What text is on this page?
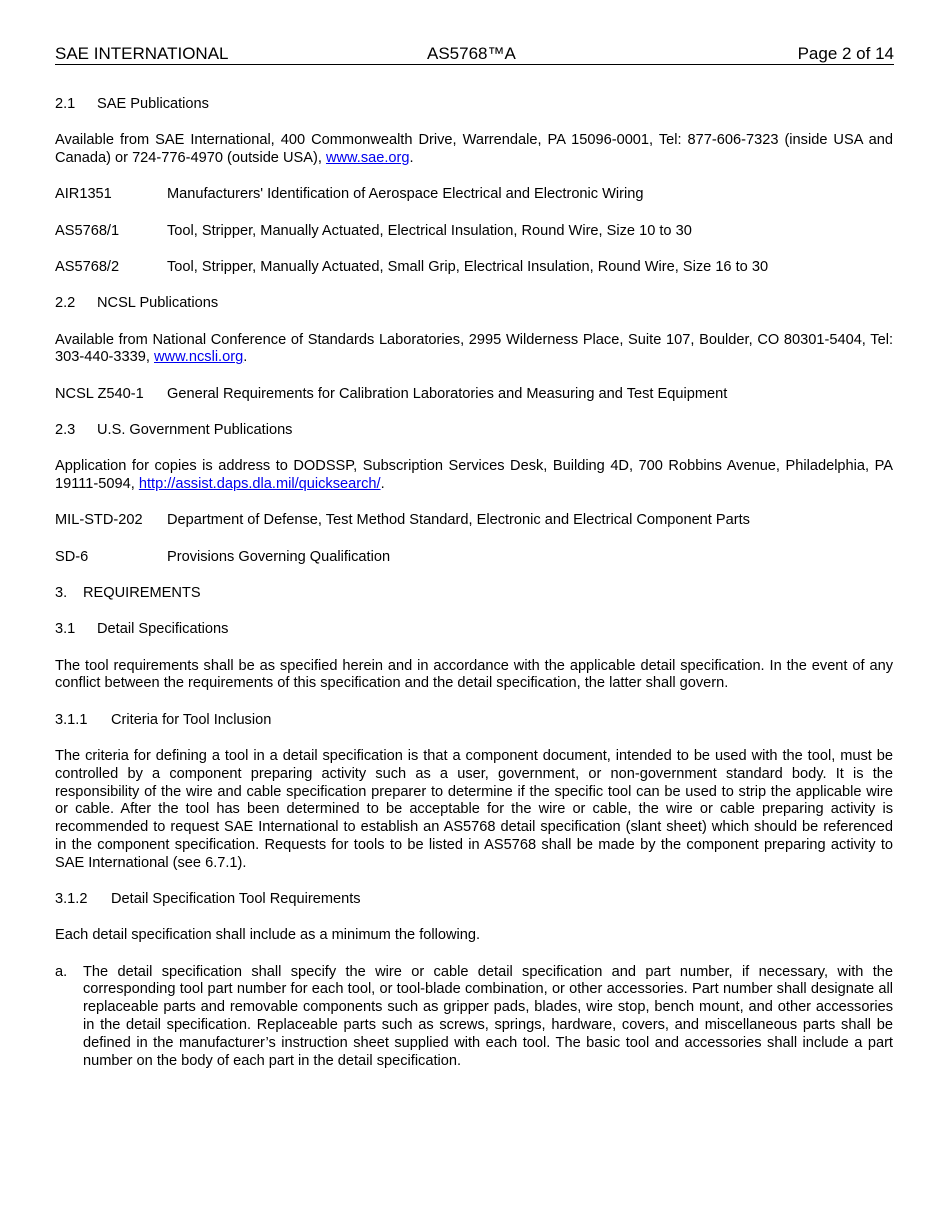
SAE INTERNATIONAL	AS5768™A	Page 2 of 14
2.1 SAE Publications
Available from SAE International, 400 Commonwealth Drive, Warrendale, PA 15096-0001, Tel: 877-606-7323 (inside USA and Canada) or 724-776-4970 (outside USA), www.sae.org.
AIR1351	Manufacturers' Identification of Aerospace Electrical and Electronic Wiring
AS5768/1	Tool, Stripper, Manually Actuated, Electrical Insulation, Round Wire, Size 10 to 30
AS5768/2	Tool, Stripper, Manually Actuated, Small Grip, Electrical Insulation, Round Wire, Size 16 to 30
2.2 NCSL Publications
Available from National Conference of Standards Laboratories, 2995 Wilderness Place, Suite 107, Boulder, CO 80301-5404, Tel: 303-440-3339, www.ncsli.org.
NCSL Z540-1	General Requirements for Calibration Laboratories and Measuring and Test Equipment
2.3 U.S. Government Publications
Application for copies is address to DODSSP, Subscription Services Desk, Building 4D, 700 Robbins Avenue, Philadelphia, PA 19111-5094, http://assist.daps.dla.mil/quicksearch/.
MIL-STD-202	Department of Defense, Test Method Standard, Electronic and Electrical Component Parts
SD-6	Provisions Governing Qualification
3. REQUIREMENTS
3.1 Detail Specifications
The tool requirements shall be as specified herein and in accordance with the applicable detail specification. In the event of any conflict between the requirements of this specification and the detail specification, the latter shall govern.
3.1.1 Criteria for Tool Inclusion
The criteria for defining a tool in a detail specification is that a component document, intended to be used with the tool, must be controlled by a component preparing activity such as a user, government, or non-government standard body. It is the responsibility of the wire and cable specification preparer to determine if the specific tool can be used to strip the applicable wire or cable. After the tool has been determined to be acceptable for the wire or cable, the wire or cable preparing activity is recommended to request SAE International to establish an AS5768 detail specification (slant sheet) which should be referenced in the component specification. Requests for tools to be listed in AS5768 shall be made by the component preparing activity to SAE International (see 6.7.1).
3.1.2 Detail Specification Tool Requirements
Each detail specification shall include as a minimum the following.
a.	The detail specification shall specify the wire or cable detail specification and part number, if necessary, with the corresponding tool part number for each tool, or tool-blade combination, or other accessories. Part number shall designate all replaceable parts and removable components such as gripper pads, blades, wire stop, bench mount, and other accessories in the detail specification. Replaceable parts such as screws, springs, hardware, covers, and miscellaneous parts shall be defined in the manufacturer’s instruction sheet supplied with each tool. The basic tool and accessories shall include a part number on the body of each part in the detail specification.
